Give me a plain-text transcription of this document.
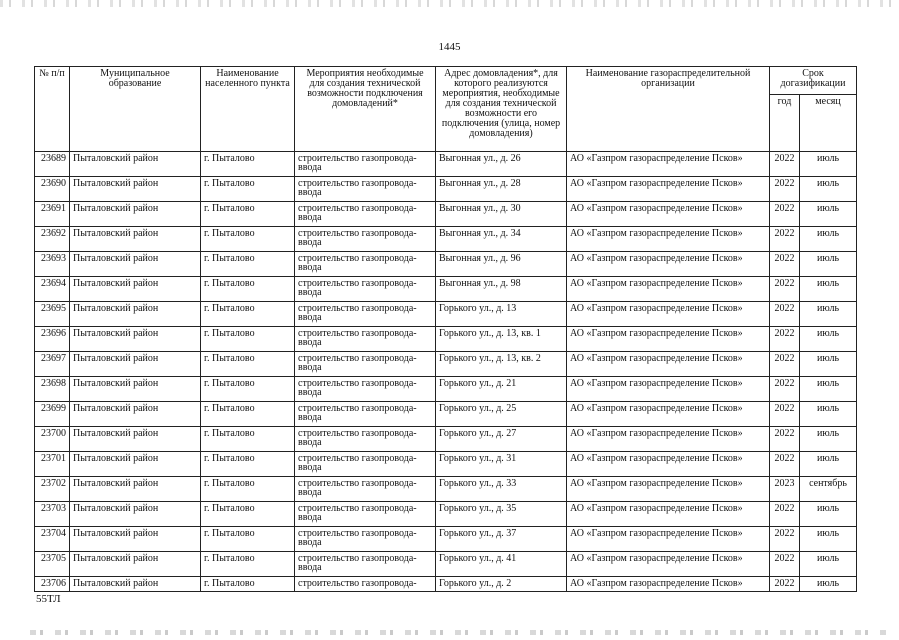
1445
№ п/п	Муниципальное образование	Наименование населенного пункта	Мероприятия необходимые для создания технической возможности подключения домовладений*	Адрес домовладения*, для которого реализуются мероприятия, необходимые для создания технической возможности его подключения (улица, номер домовладения)	Наименование газораспределительной организации	Срок догазификации	
						год	месяц
23689	Пыталовский район	г. Пыталово	строительство газопровода-ввода	Выгонная ул., д. 26	АО «Газпром газораспределение Псков»	2022	июль
23690	Пыталовский район	г. Пыталово	строительство газопровода-ввода	Выгонная ул., д. 28	АО «Газпром газораспределение Псков»	2022	июль
23691	Пыталовский район	г. Пыталово	строительство газопровода-ввода	Выгонная ул., д. 30	АО «Газпром газораспределение Псков»	2022	июль
23692	Пыталовский район	г. Пыталово	строительство газопровода-ввода	Выгонная ул., д. 34	АО «Газпром газораспределение Псков»	2022	июль
23693	Пыталовский район	г. Пыталово	строительство газопровода-ввода	Выгонная ул., д. 96	АО «Газпром газораспределение Псков»	2022	июль
23694	Пыталовский район	г. Пыталово	строительство газопровода-ввода	Выгонная ул., д. 98	АО «Газпром газораспределение Псков»	2022	июль
23695	Пыталовский район	г. Пыталово	строительство газопровода-ввода	Горького ул., д. 13	АО «Газпром газораспределение Псков»	2022	июль
23696	Пыталовский район	г. Пыталово	строительство газопровода-ввода	Горького ул., д. 13, кв. 1	АО «Газпром газораспределение Псков»	2022	июль
23697	Пыталовский район	г. Пыталово	строительство газопровода-ввода	Горького ул., д. 13, кв. 2	АО «Газпром газораспределение Псков»	2022	июль
23698	Пыталовский район	г. Пыталово	строительство газопровода-ввода	Горького ул., д. 21	АО «Газпром газораспределение Псков»	2022	июль
23699	Пыталовский район	г. Пыталово	строительство газопровода-ввода	Горького ул., д. 25	АО «Газпром газораспределение Псков»	2022	июль
23700	Пыталовский район	г. Пыталово	строительство газопровода-ввода	Горького ул., д. 27	АО «Газпром газораспределение Псков»	2022	июль
23701	Пыталовский район	г. Пыталово	строительство газопровода-ввода	Горького ул., д. 31	АО «Газпром газораспределение Псков»	2022	июль
23702	Пыталовский район	г. Пыталово	строительство газопровода-ввода	Горького ул., д. 33	АО «Газпром газораспределение Псков»	2023	сентябрь
23703	Пыталовский район	г. Пыталово	строительство газопровода-ввода	Горького ул., д. 35	АО «Газпром газораспределение Псков»	2022	июль
23704	Пыталовский район	г. Пыталово	строительство газопровода-ввода	Горького ул., д. 37	АО «Газпром газораспределение Псков»	2022	июль
23705	Пыталовский район	г. Пыталово	строительство газопровода-ввода	Горького ул., д. 41	АО «Газпром газораспределение Псков»	2022	июль
23706	Пыталовский район	г. Пыталово	строительство газопровода-	Горького ул., д. 2	АО «Газпром газораспределение Псков»	2022	июль
55ТЛ
